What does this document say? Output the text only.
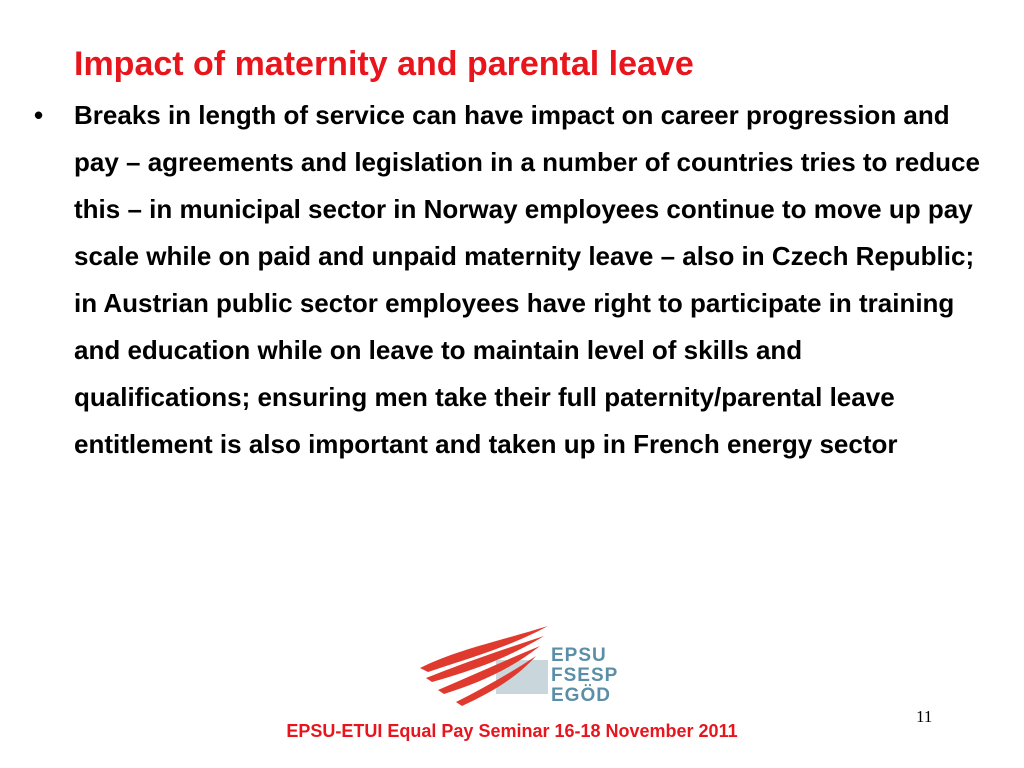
Impact of maternity and parental leave
• Breaks in length of service can have impact on career progression and pay – agreements and legislation in a number of countries tries to reduce this – in municipal sector in Norway employees continue to move up pay scale while on paid and unpaid maternity leave – also in Czech Republic; in Austrian public sector employees have right to participate in training and education while on leave to maintain level of skills and qualifications; ensuring men take their full paternity/parental leave entitlement is also important and taken up in French energy sector
EPSU
FSESP
EGÖD
11
EPSU-ETUI Equal Pay Seminar 16-18 November 2011
